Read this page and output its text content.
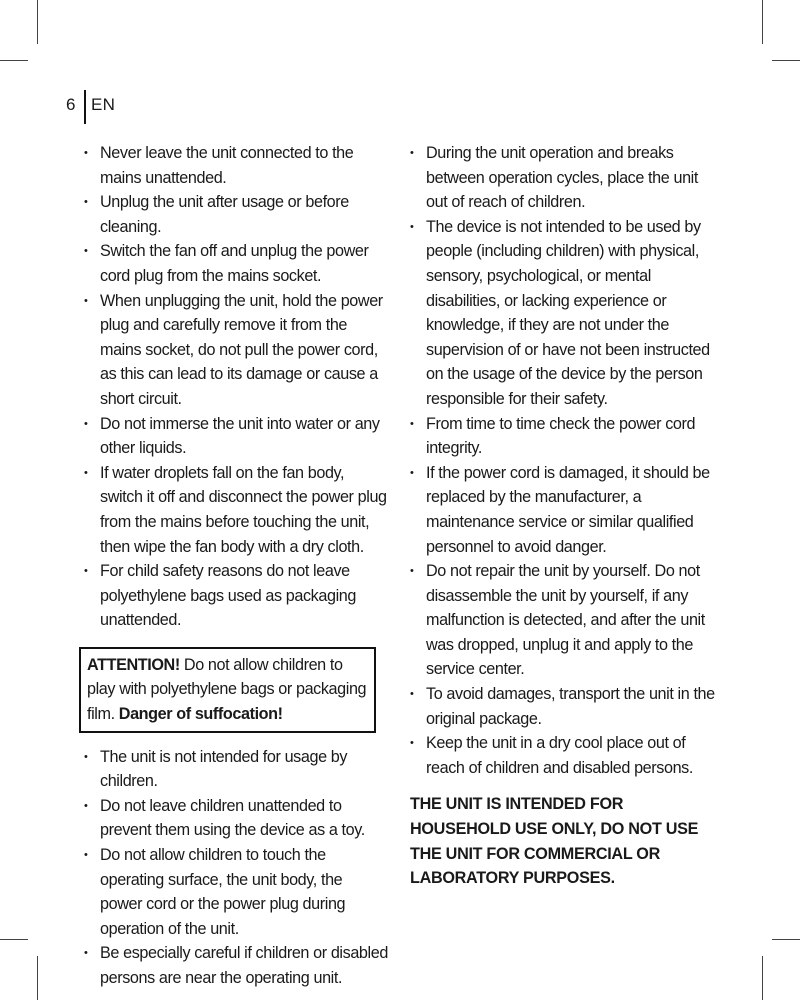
6 EN
• Never leave the unit connected to the mains unattended.
• Unplug the unit after usage or before cleaning.
• Switch the fan off and unplug the power cord plug from the mains socket.
• When unplugging the unit, hold the power plug and carefully remove it from the mains socket, do not pull the power cord, as this can lead to its damage or cause a short circuit.
• Do not immerse the unit into water or any other liquids.
• If water droplets fall on the fan body, switch it off and disconnect the power plug from the mains before touching the unit, then wipe the fan body with a dry cloth.
• For child safety reasons do not leave polyethylene bags used as packaging unattended.
ATTENTION! Do not allow children to play with polyethylene bags or packaging film. Danger of suffocation!
• The unit is not intended for usage by children.
• Do not leave children unattended to prevent them using the device as a toy.
• Do not allow children to touch the operating surface, the unit body, the power cord or the power plug during operation of the unit.
• Be especially careful if children or disabled persons are near the operating unit.
• During the unit operation and breaks between operation cycles, place the unit out of reach of children.
• The device is not intended to be used by people (including children) with physical, sensory, psychological, or mental disabilities, or lacking experience or knowledge, if they are not under the supervision of or have not been instructed on the usage of the device by the person responsible for their safety.
• From time to time check the power cord integrity.
• If the power cord is damaged, it should be replaced by the manufacturer, a maintenance service or similar qualified personnel to avoid danger.
• Do not repair the unit by yourself. Do not disassemble the unit by yourself, if any malfunction is detected, and after the unit was dropped, unplug it and apply to the service center.
• To avoid damages, transport the unit in the original package.
• Keep the unit in a dry cool place out of reach of children and disabled persons.
THE UNIT IS INTENDED FOR HOUSEHOLD USE ONLY, DO NOT USE THE UNIT FOR COMMERCIAL OR LABORATORY PURPOSES.
